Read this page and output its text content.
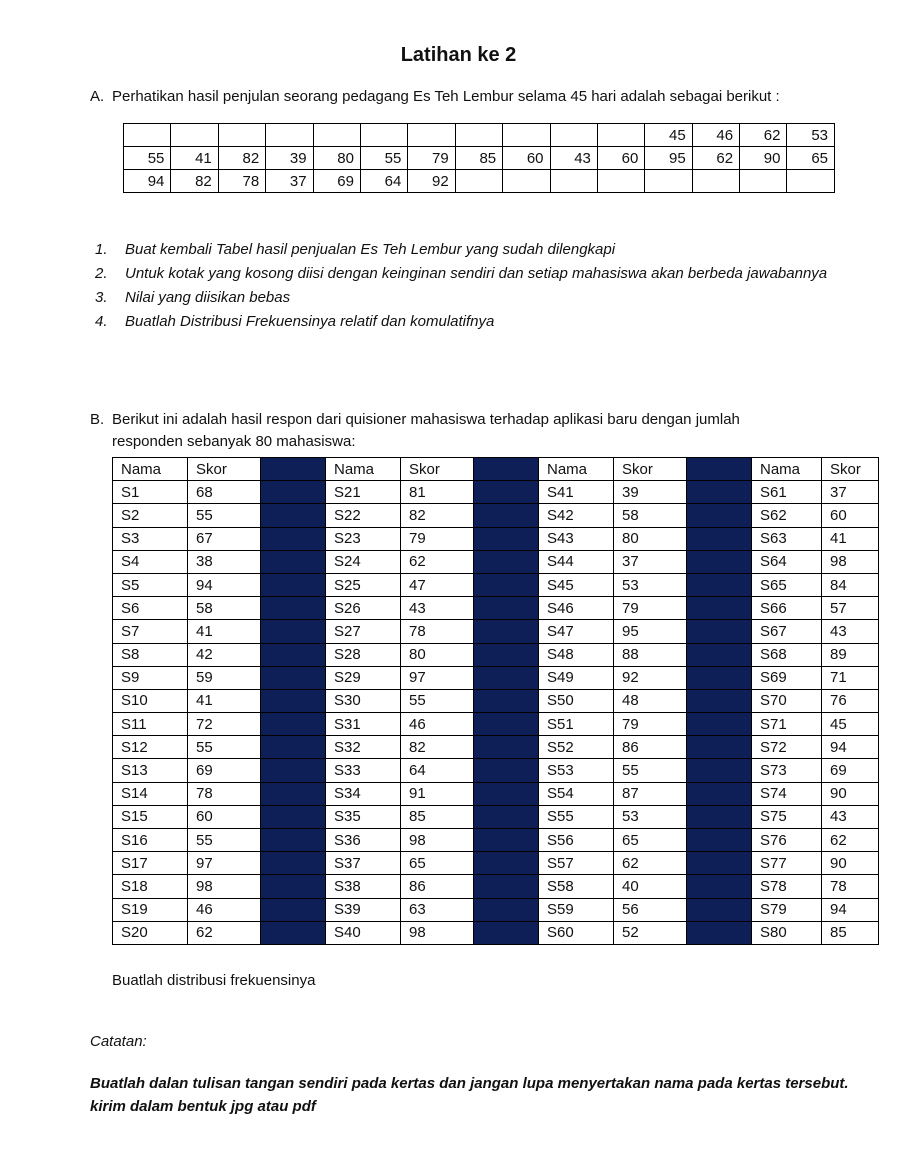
Latihan ke 2
A. Perhatikan hasil penjulan seorang pedagang Es Teh Lembur selama 45 hari adalah sebagai berikut :
											45	46	62	53
55	41	82	39	80	55	79	85	60	43	60	95	62	90	65
94	82	78	37	69	64	92								
1. Buat kembali Tabel hasil penjualan Es Teh Lembur yang sudah dilengkapi
2. Untuk kotak yang kosong diisi dengan keinginan sendiri dan setiap mahasiswa akan berbeda jawabannya
3. Nilai yang diisikan bebas
4. Buatlah Distribusi Frekuensinya relatif dan komulatifnya
B. Berikut ini adalah hasil respon dari quisioner mahasiswa terhadap aplikasi baru dengan jumlah
responden sebanyak 80 mahasiswa:
Nama	Skor		Nama	Skor		Nama	Skor		Nama	Skor
S1	68		S21	81		S41	39		S61	37
S2	55		S22	82		S42	58		S62	60
S3	67		S23	79		S43	80		S63	41
S4	38		S24	62		S44	37		S64	98
S5	94		S25	47		S45	53		S65	84
S6	58		S26	43		S46	79		S66	57
S7	41		S27	78		S47	95		S67	43
S8	42		S28	80		S48	88		S68	89
S9	59		S29	97		S49	92		S69	71
S10	41		S30	55		S50	48		S70	76
S11	72		S31	46		S51	79		S71	45
S12	55		S32	82		S52	86		S72	94
S13	69		S33	64		S53	55		S73	69
S14	78		S34	91		S54	87		S74	90
S15	60		S35	85		S55	53		S75	43
S16	55		S36	98		S56	65		S76	62
S17	97		S37	65		S57	62		S77	90
S18	98		S38	86		S58	40		S78	78
S19	46		S39	63		S59	56		S79	94
S20	62		S40	98		S60	52		S80	85
Buatlah distribusi frekuensinya
Catatan:
Buatlah dalan tulisan tangan sendiri pada kertas dan jangan lupa menyertakan nama pada kertas tersebut.
kirim dalam bentuk jpg atau pdf
